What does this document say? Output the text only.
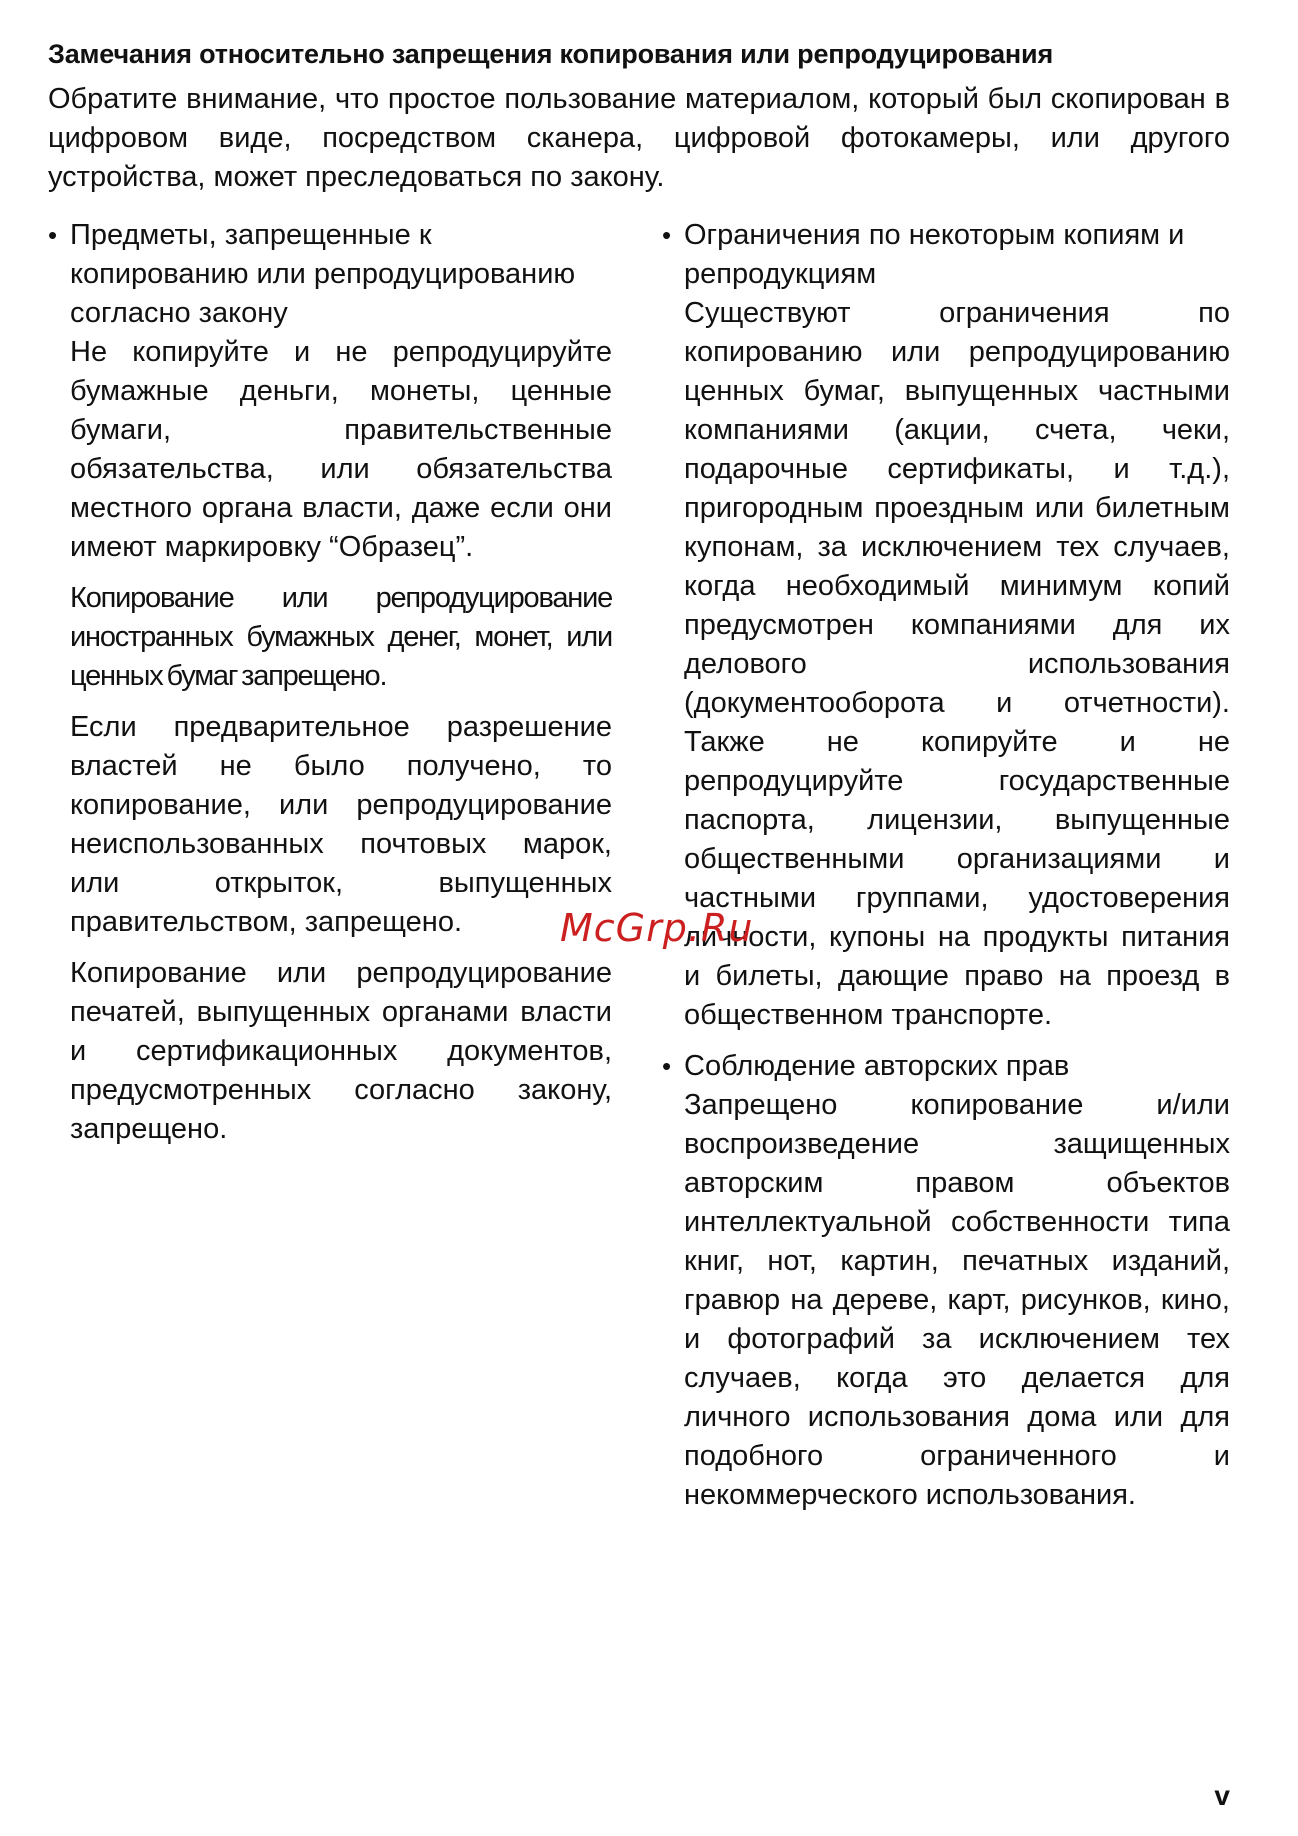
Замечания относительно запрещения копирования или репродуцирования
Обратите внимание, что простое пользование материалом, который был скопирован в цифровом виде, посредством сканера, цифровой фотокамеры, или другого устройства, может преследоваться по закону.
• Предметы, запрещенные к копированию или репродуцированию согласно закону

Не копируйте и не репродуцируйте бумажные деньги, монеты, ценные бумаги, правительственные обязательства, или обязательства местного органа власти, даже если они имеют маркировку “Образец”.

Копирование или репродуцирование иностранных бумажных денег, монет, или ценных бумаг запрещено.

Если предварительное разрешение властей не было получено, то копирование, или репродуцирование неиспользованных почтовых марок, или открыток, выпущенных правительством, запрещено.

Копирование или репродуцирование печатей, выпущенных органами власти и сертификационных документов, предусмотренных согласно закону, запрещено.

• Ограничения по некоторым копиям и репродукциям

Существуют ограничения по копированию или репродуцированию ценных бумаг, выпущенных частными компаниями (акции, счета, чеки, подарочные сертификаты, и т.д.), пригородным проездным или билетным купонам, за исключением тех случаев, когда необходимый минимум копий предусмотрен компаниями для их делового использования (документооборота и отчетности). Также не копируйте и не репродуцируйте государственные паспорта, лицензии, выпущенные общественными организациями и частными группами, удостоверения личности, купоны на продукты питания и билеты, дающие право на проезд в общественном транспорте.

• Соблюдение авторских прав

Запрещено копирование и/или воспроизведение защищенных авторским правом объектов интеллектуальной собственности типа книг, нот, картин, печатных изданий, гравюр на дереве, карт, рисунков, кино, и фотографий за исключением тех случаев, когда это делается для личного использования дома или для подобного ограниченного и некоммерческого использования.

McGrp.Ru
v
